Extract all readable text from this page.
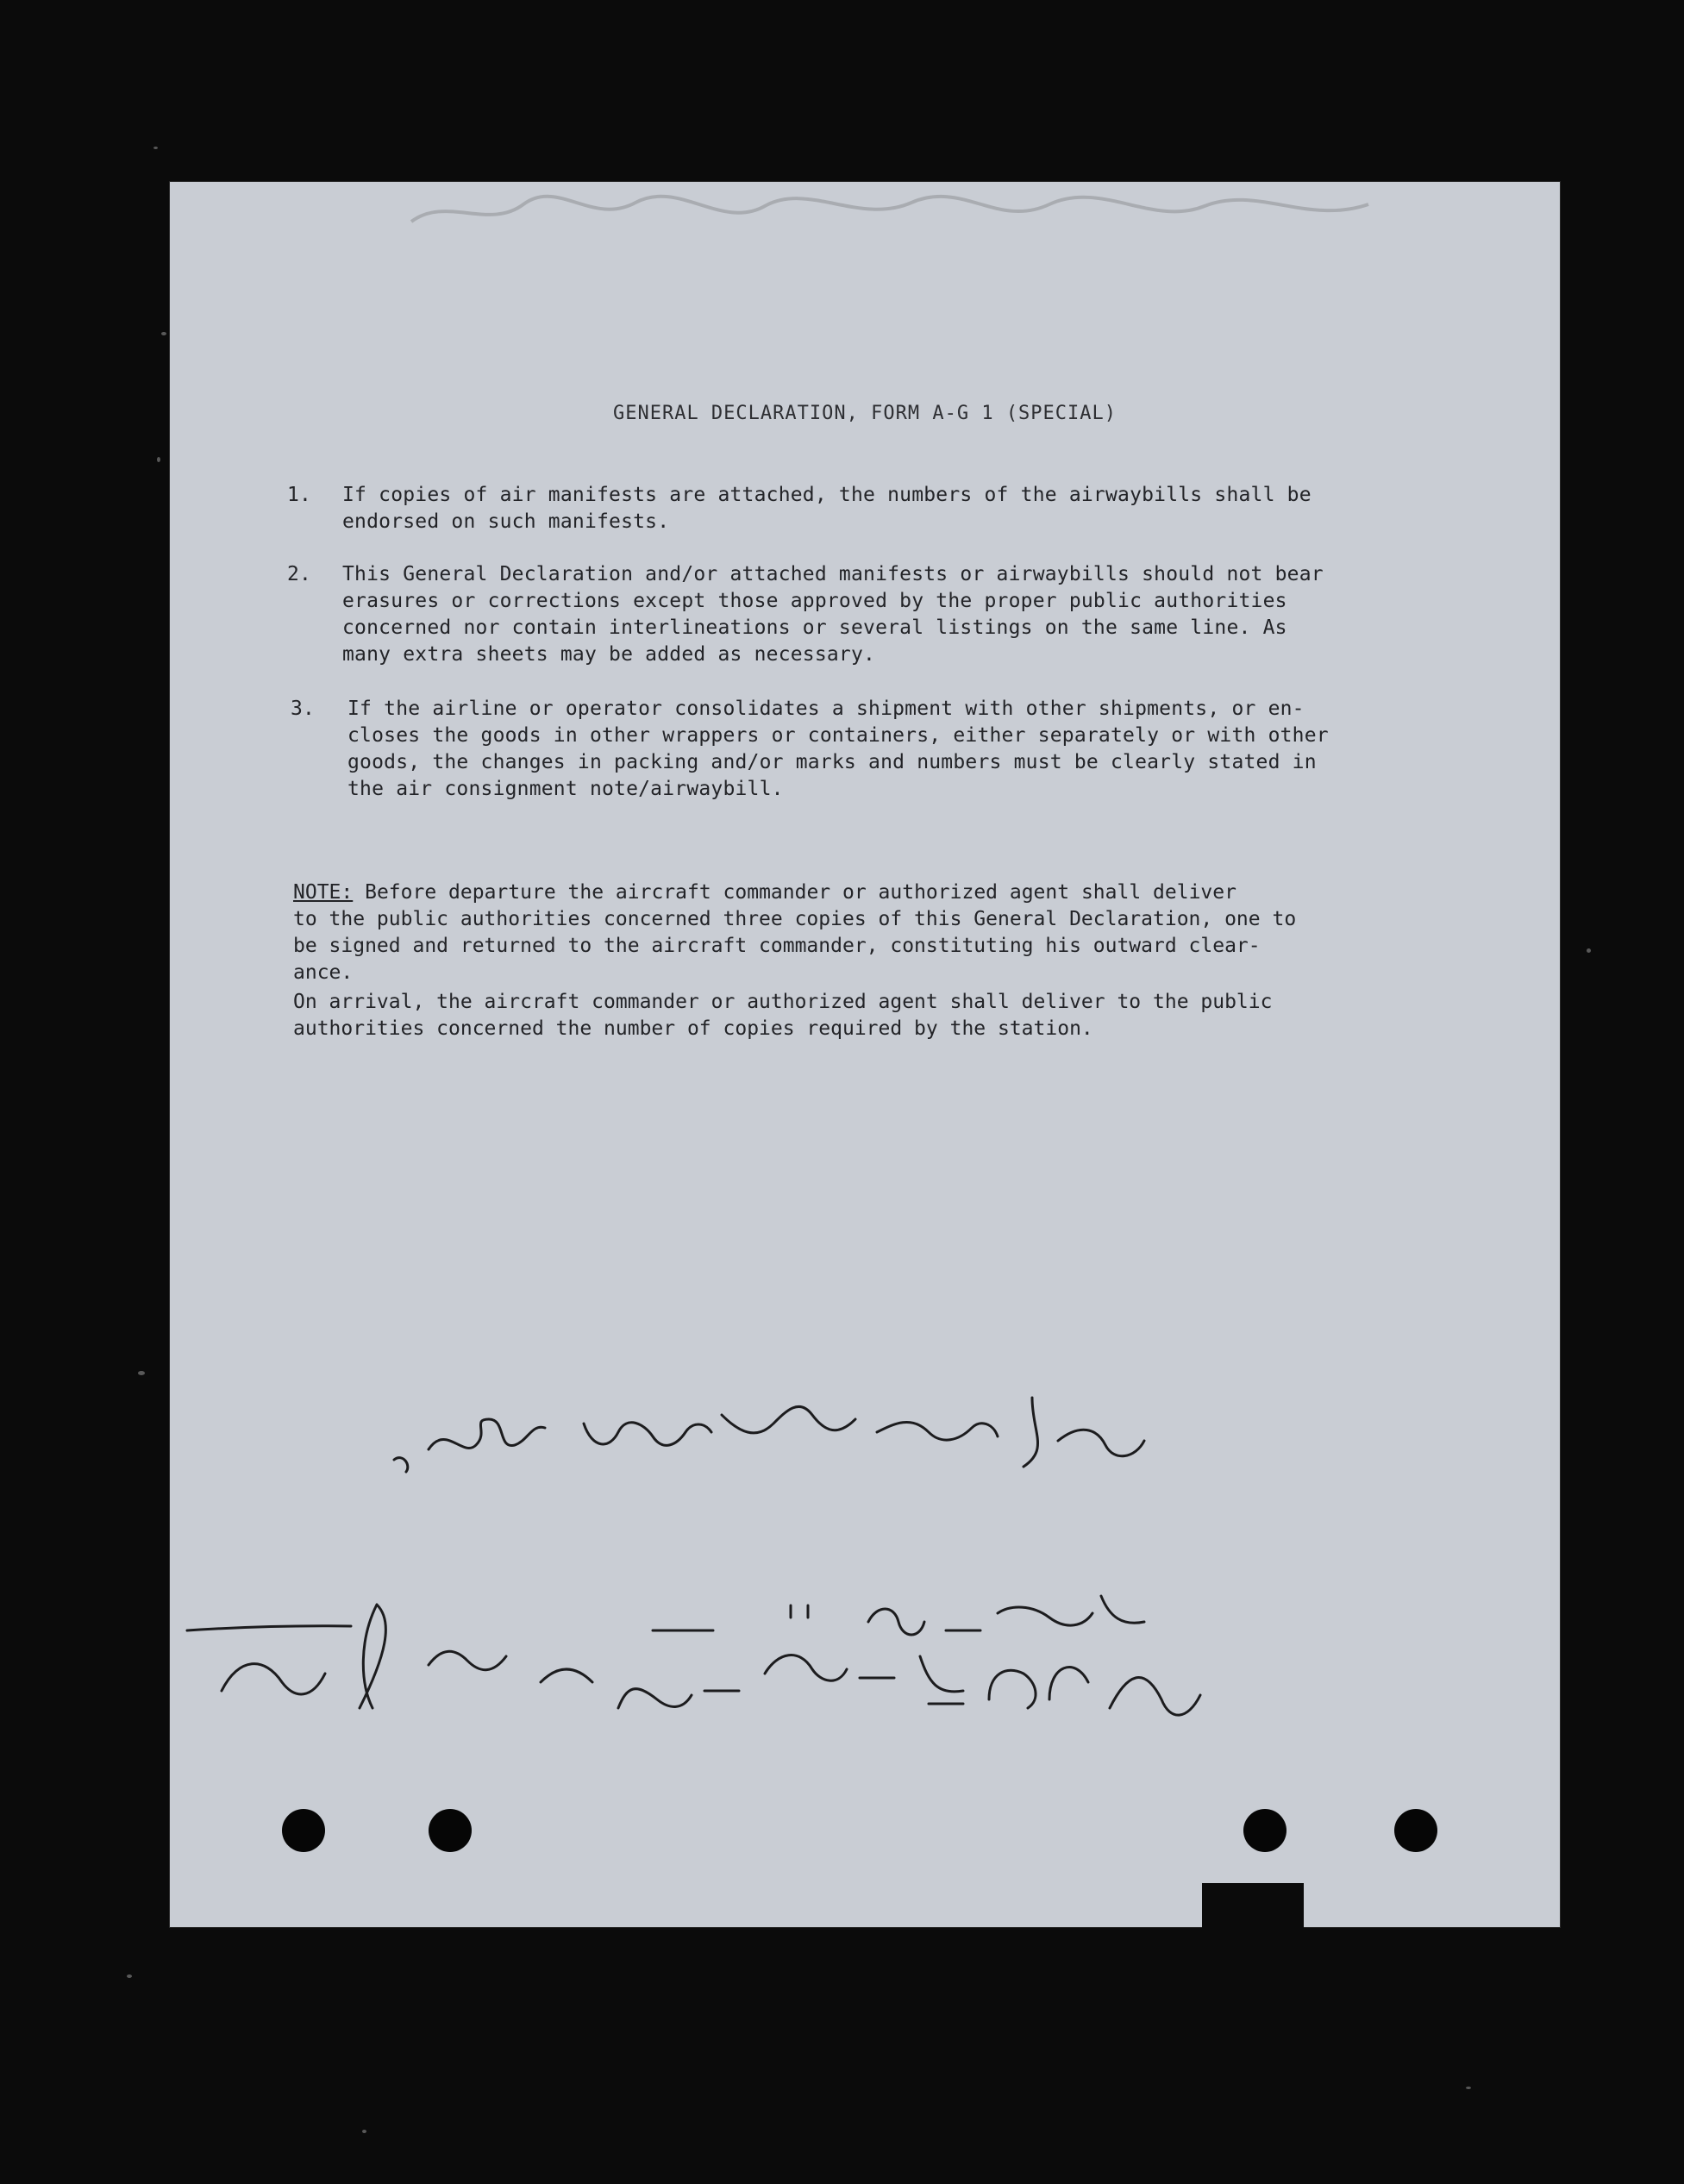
GENERAL DECLARATION, FORM A-G 1 (SPECIAL)
1.	If copies of air manifests are attached, the numbers of the airwaybills shall be
endorsed on such manifests.
2.	This General Declaration and/or attached manifests or airwaybills should not bear
erasures or corrections except those approved by the proper public authorities
concerned nor contain interlineations or several listings on the same line. As
many extra sheets may be added as necessary.
3.	If the airline or operator consolidates a shipment with other shipments, or en-
closes the goods in other wrappers or containers, either separately or with other
goods, the changes in packing and/or marks and numbers must be clearly stated in
the air consignment note/airwaybill.

NOTE: Before departure the aircraft commander or authorized agent shall deliver
to the public authorities concerned three copies of this General Declaration, one to
be signed and returned to the aircraft commander, constituting his outward clear-
ance.

On arrival, the aircraft commander or authorized agent shall deliver to the public
authorities concerned the number of copies required by the station.
